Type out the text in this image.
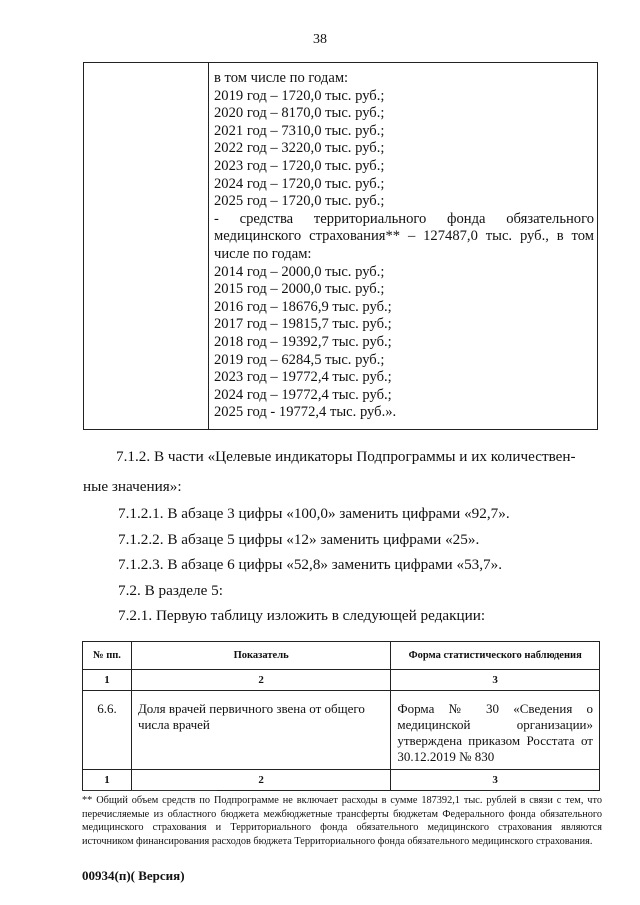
38
в том числе по годам:
2019 год – 1720,0 тыс. руб.;
2020 год – 8170,0 тыс. руб.;
2021 год – 7310,0 тыс. руб.;
2022 год – 3220,0 тыс. руб.;
2023 год – 1720,0 тыс. руб.;
2024 год – 1720,0 тыс. руб.;
2025 год – 1720,0 тыс. руб.;
- средства территориального фонда обязательного медицинского страхования** – 127487,0 тыс. руб., в том числе по годам:
2014 год – 2000,0 тыс. руб.;
2015 год – 2000,0 тыс. руб.;
2016 год – 18676,9 тыс. руб.;
2017 год – 19815,7 тыс. руб.;
2018 год – 19392,7 тыс. руб.;
2019 год – 6284,5 тыс. руб.;
2023 год – 19772,4 тыс. руб.;
2024 год – 19772,4 тыс. руб.;
2025 год - 19772,4 тыс. руб.».
7.1.2. В части «Целевые индикаторы Подпрограммы и их количествен-
ные значения»:
7.1.2.1. В абзаце 3 цифры «100,0» заменить цифрами «92,7».
7.1.2.2. В абзаце 5 цифры «12» заменить цифрами «25».
7.1.2.3. В абзаце 6 цифры «52,8» заменить цифрами «53,7».
7.2. В разделе 5:
7.2.1. Первую таблицу изложить в следующей редакции:
№ пп.	Показатель	Форма статистического наблюдения
1	2	3
6.6.	Доля врачей первичного звена от общего числа врачей	Форма № 30 «Сведения о медицинской организации» утверждена приказом Росстата от 30.12.2019 № 830
1	2	3
** Общий объем средств по Подпрограмме не включает расходы в сумме 187392,1 тыс. рублей в связи с тем, что перечисляемые из областного бюджета межбюджетные трансферты бюджетам Федерального фонда обязательного медицинского страхования и Территориального фонда обязательного медицинского страхования являются источником финансирования расходов бюджета Территориального фонда обязательного медицинского страхования.
00934(п)( Версия)
